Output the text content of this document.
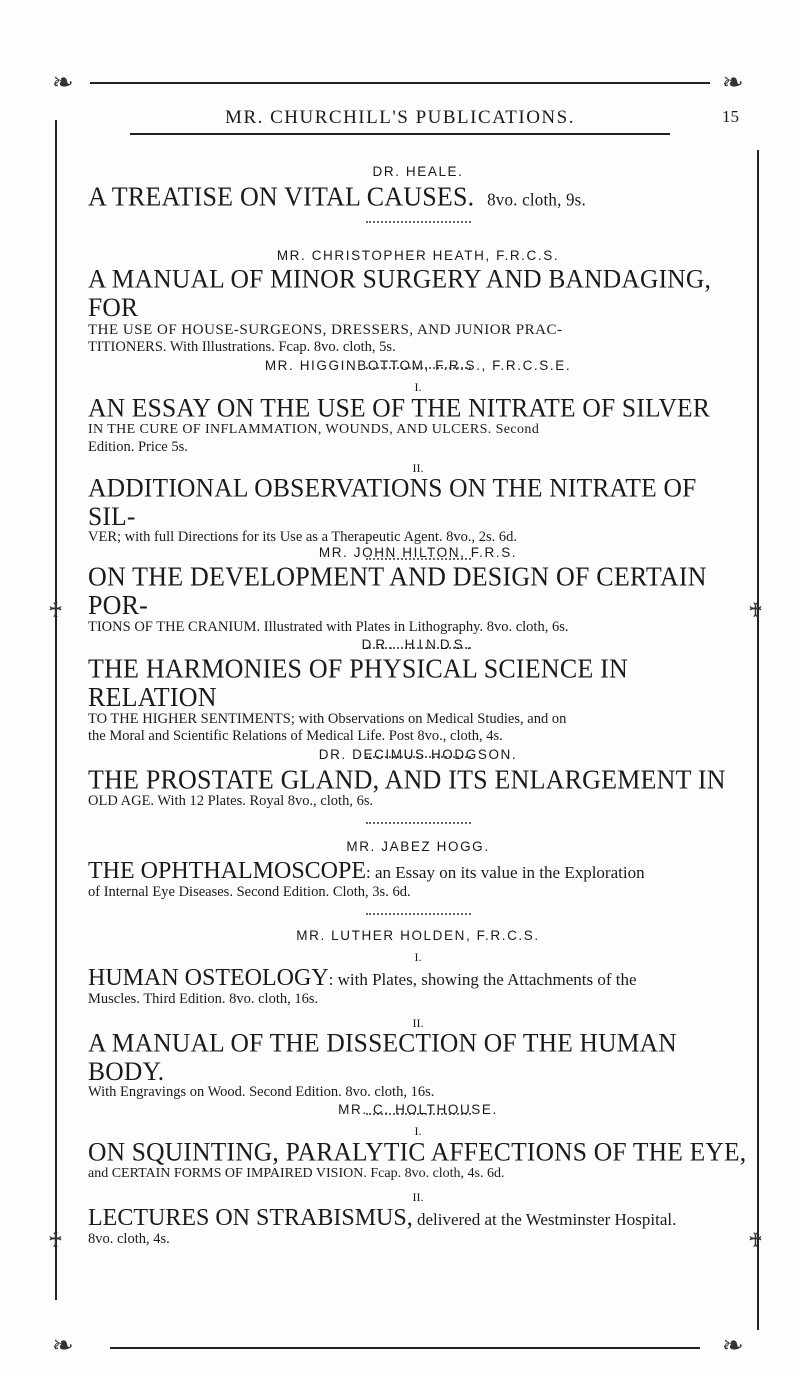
❧	❧
❧	❧
♰	♰
♰	♰
MR. CHURCHILL'S PUBLICATIONS.	15

DR. HEALE.

A TREATISE ON VITAL CAUSES. 8vo. cloth, 9s.

MR. CHRISTOPHER HEATH, F.R.C.S.

A MANUAL OF MINOR SURGERY AND BANDAGING, FOR

THE USE OF HOUSE-SURGEONS, DRESSERS, AND JUNIOR PRAC-

TITIONERS. With Illustrations. Fcap. 8vo. cloth, 5s.

MR. HIGGINBOTTOM, F.R.S., F.R.C.S.E.

I.

AN ESSAY ON THE USE OF THE NITRATE OF SILVER

IN THE CURE OF INFLAMMATION, WOUNDS, AND ULCERS. Second

Edition. Price 5s.

II.

ADDITIONAL OBSERVATIONS ON THE NITRATE OF SIL-

VER; with full Directions for its Use as a Therapeutic Agent. 8vo., 2s. 6d.

MR. JOHN HILTON, F.R.S.

ON THE DEVELOPMENT AND DESIGN OF CERTAIN POR-

TIONS OF THE CRANIUM. Illustrated with Plates in Lithography. 8vo. cloth, 6s.

DR. HINDS.

THE HARMONIES OF PHYSICAL SCIENCE IN RELATION

TO THE HIGHER SENTIMENTS; with Observations on Medical Studies, and on

the Moral and Scientific Relations of Medical Life. Post 8vo., cloth, 4s.

DR. DECIMUS HODGSON.

THE PROSTATE GLAND, AND ITS ENLARGEMENT IN

OLD AGE. With 12 Plates. Royal 8vo., cloth, 6s.

MR. JABEZ HOGG.

THE OPHTHALMOSCOPE: an Essay on its value in the Exploration

of Internal Eye Diseases. Second Edition. Cloth, 3s. 6d.

MR. LUTHER HOLDEN, F.R.C.S.

I.

HUMAN OSTEOLOGY: with Plates, showing the Attachments of the

Muscles. Third Edition. 8vo. cloth, 16s.

II.

A MANUAL OF THE DISSECTION OF THE HUMAN BODY.

With Engravings on Wood. Second Edition. 8vo. cloth, 16s.

MR. C. HOLTHOUSE.

I.

ON SQUINTING, PARALYTIC AFFECTIONS OF THE EYE,

and CERTAIN FORMS OF IMPAIRED VISION. Fcap. 8vo. cloth, 4s. 6d.

II.

LECTURES ON STRABISMUS, delivered at the Westminster Hospital.

8vo. cloth, 4s.
